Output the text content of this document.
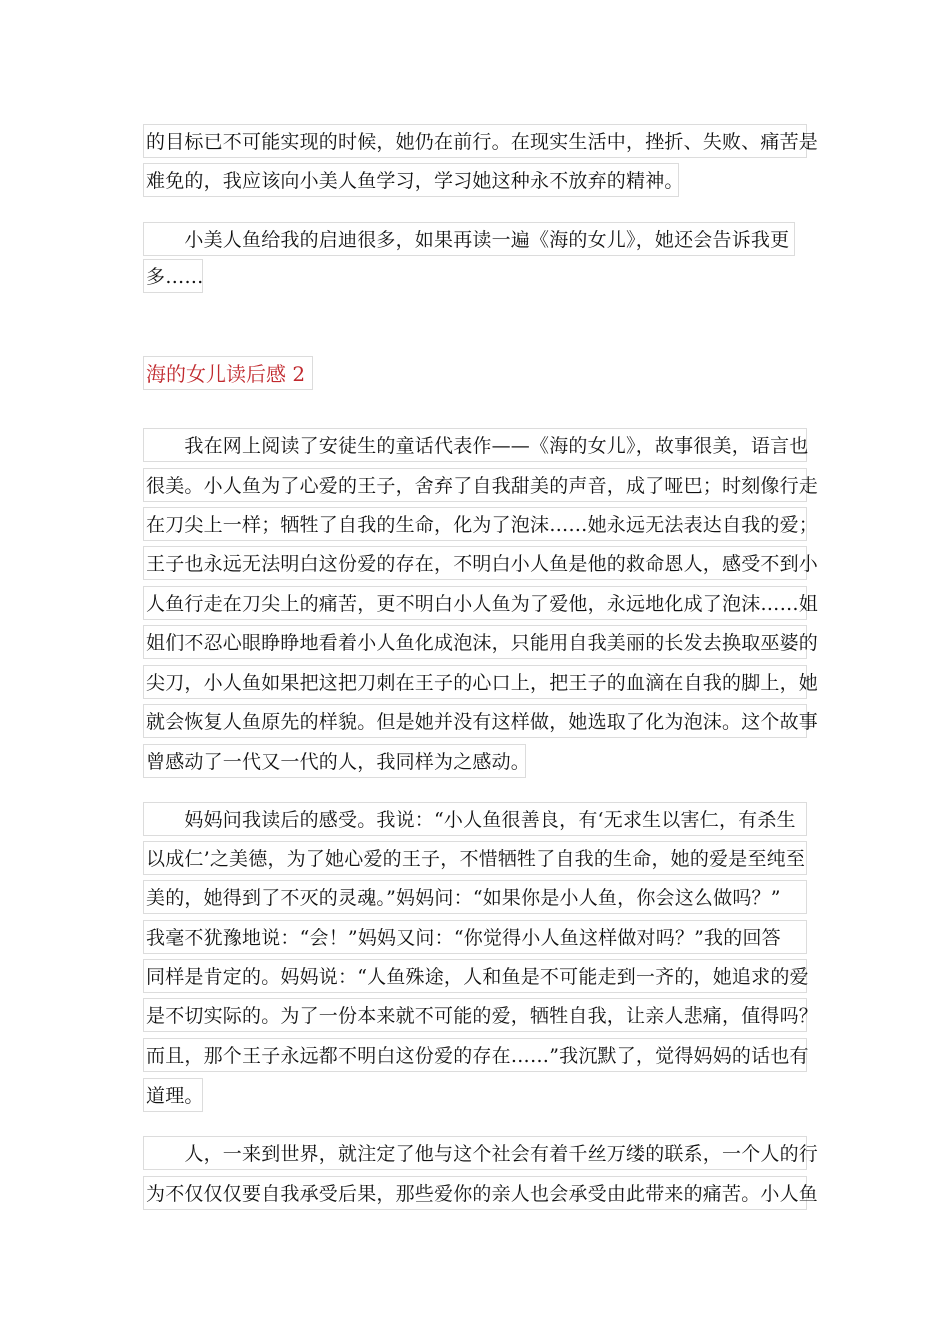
的目标已不可能实现的时候，她仍在前行。在现实生活中，挫折、失败、痛苦是
难免的，我应该向小美人鱼学习，学习她这种永不放弃的精神。
　　小美人鱼给我的启迪很多，如果再读一遍《海的女儿》，她还会告诉我更
多……
海的女儿读后感 2
　　我在网上阅读了安徒生的童话代表作——《海的女儿》，故事很美，语言也
很美。小人鱼为了心爱的王子，舍弃了自我甜美的声音，成了哑巴；时刻像行走
在刀尖上一样；牺牲了自我的生命，化为了泡沫……她永远无法表达自我的爱；
王子也永远无法明白这份爱的存在，不明白小人鱼是他的救命恩人，感受不到小
人鱼行走在刀尖上的痛苦，更不明白小人鱼为了爱他，永远地化成了泡沫……姐
姐们不忍心眼睁睁地看着小人鱼化成泡沫，只能用自我美丽的长发去换取巫婆的
尖刀，小人鱼如果把这把刀刺在王子的心口上，把王子的血滴在自我的脚上，她
就会恢复人鱼原先的样貌。但是她并没有这样做，她选取了化为泡沫。这个故事
曾感动了一代又一代的人，我同样为之感动。
　　妈妈问我读后的感受。我说：“小人鱼很善良，有‘无求生以害仁，有杀生
以成仁’之美德，为了她心爱的王子，不惜牺牲了自我的生命，她的爱是至纯至
美的，她得到了不灭的灵魂。”妈妈问：“如果你是小人鱼，你会这么做吗？”
我毫不犹豫地说：“会！”妈妈又问：“你觉得小人鱼这样做对吗？”我的回答
同样是肯定的。妈妈说：“人鱼殊途，人和鱼是不可能走到一齐的，她追求的爱
是不切实际的。为了一份本来就不可能的爱，牺牲自我，让亲人悲痛，值得吗？
而且，那个王子永远都不明白这份爱的存在……”我沉默了，觉得妈妈的话也有
道理。
　　人，一来到世界，就注定了他与这个社会有着千丝万缕的联系，一个人的行
为不仅仅仅要自我承受后果，那些爱你的亲人也会承受由此带来的痛苦。小人鱼
